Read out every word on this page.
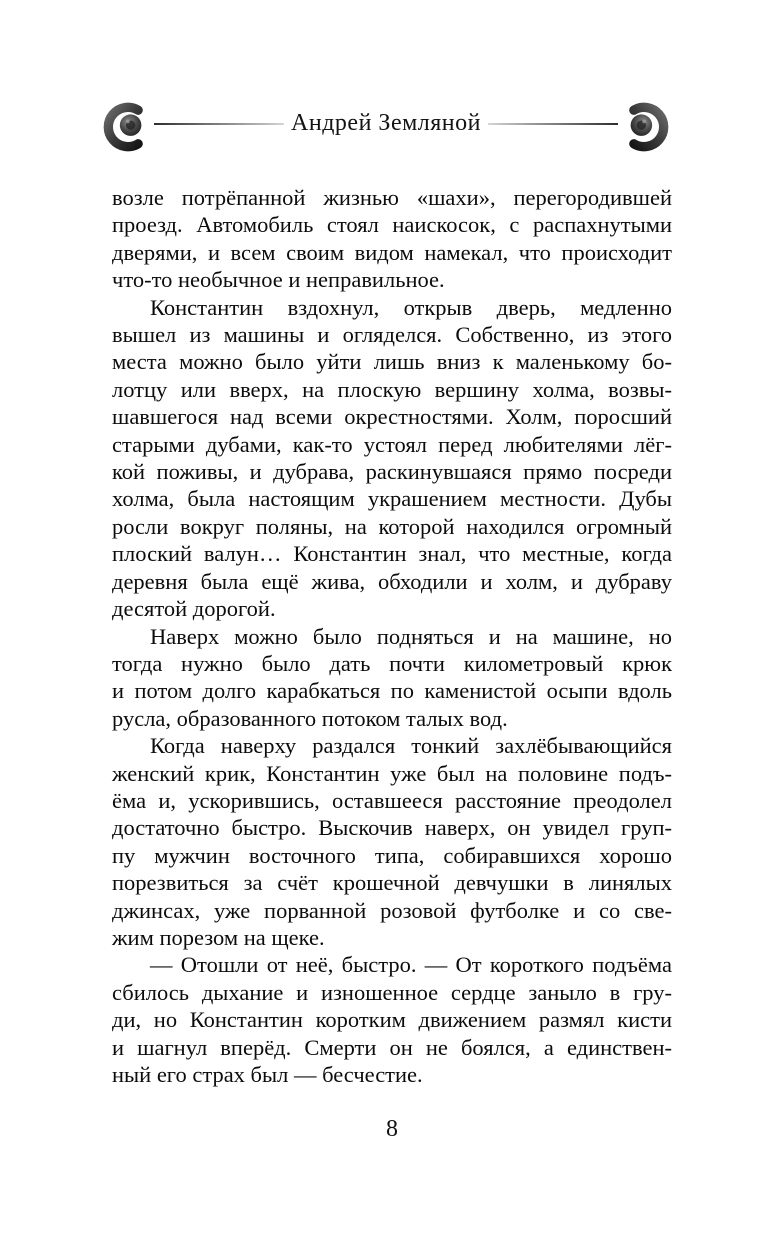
Андрей Земляной
возле потрёпанной жизнью «шахи», перегородившей
проезд. Автомобиль стоял наискосок, с распахнутыми
дверями, и всем своим видом намекал, что происходит
что-то необычное и неправильное.
Константин вздохнул, открыв дверь, медленно
вышел из машины и огляделся. Собственно, из этого
места можно было уйти лишь вниз к маленькому бо-
лотцу или вверх, на плоскую вершину холма, возвы-
шавшегося над всеми окрестностями. Холм, поросший
старыми дубами, как-то устоял перед любителями лёг-
кой поживы, и дубрава, раскинувшаяся прямо посреди
холма, была настоящим украшением местности. Дубы
росли вокруг поляны, на которой находился огромный
плоский валун… Константин знал, что местные, когда
деревня была ещё жива, обходили и холм, и дубраву
десятой дорогой.
Наверх можно было подняться и на машине, но
тогда нужно было дать почти километровый крюк
и потом долго карабкаться по каменистой осыпи вдоль
русла, образованного потоком талых вод.
Когда наверху раздался тонкий захлёбывающийся
женский крик, Константин уже был на половине подъ-
ёма и, ускорившись, оставшееся расстояние преодолел
достаточно быстро. Выскочив наверх, он увидел груп-
пу мужчин восточного типа, собиравшихся хорошо
порезвиться за счёт крошечной девчушки в линялых
джинсах, уже порванной розовой футболке и со све-
жим порезом на щеке.
— Отошли от неё, быстро. — От короткого подъёма
сбилось дыхание и изношенное сердце заныло в гру-
ди, но Константин коротким движением размял кисти
и шагнул вперёд. Смерти он не боялся, а единствен-
ный его страх был — бесчестие.
8
